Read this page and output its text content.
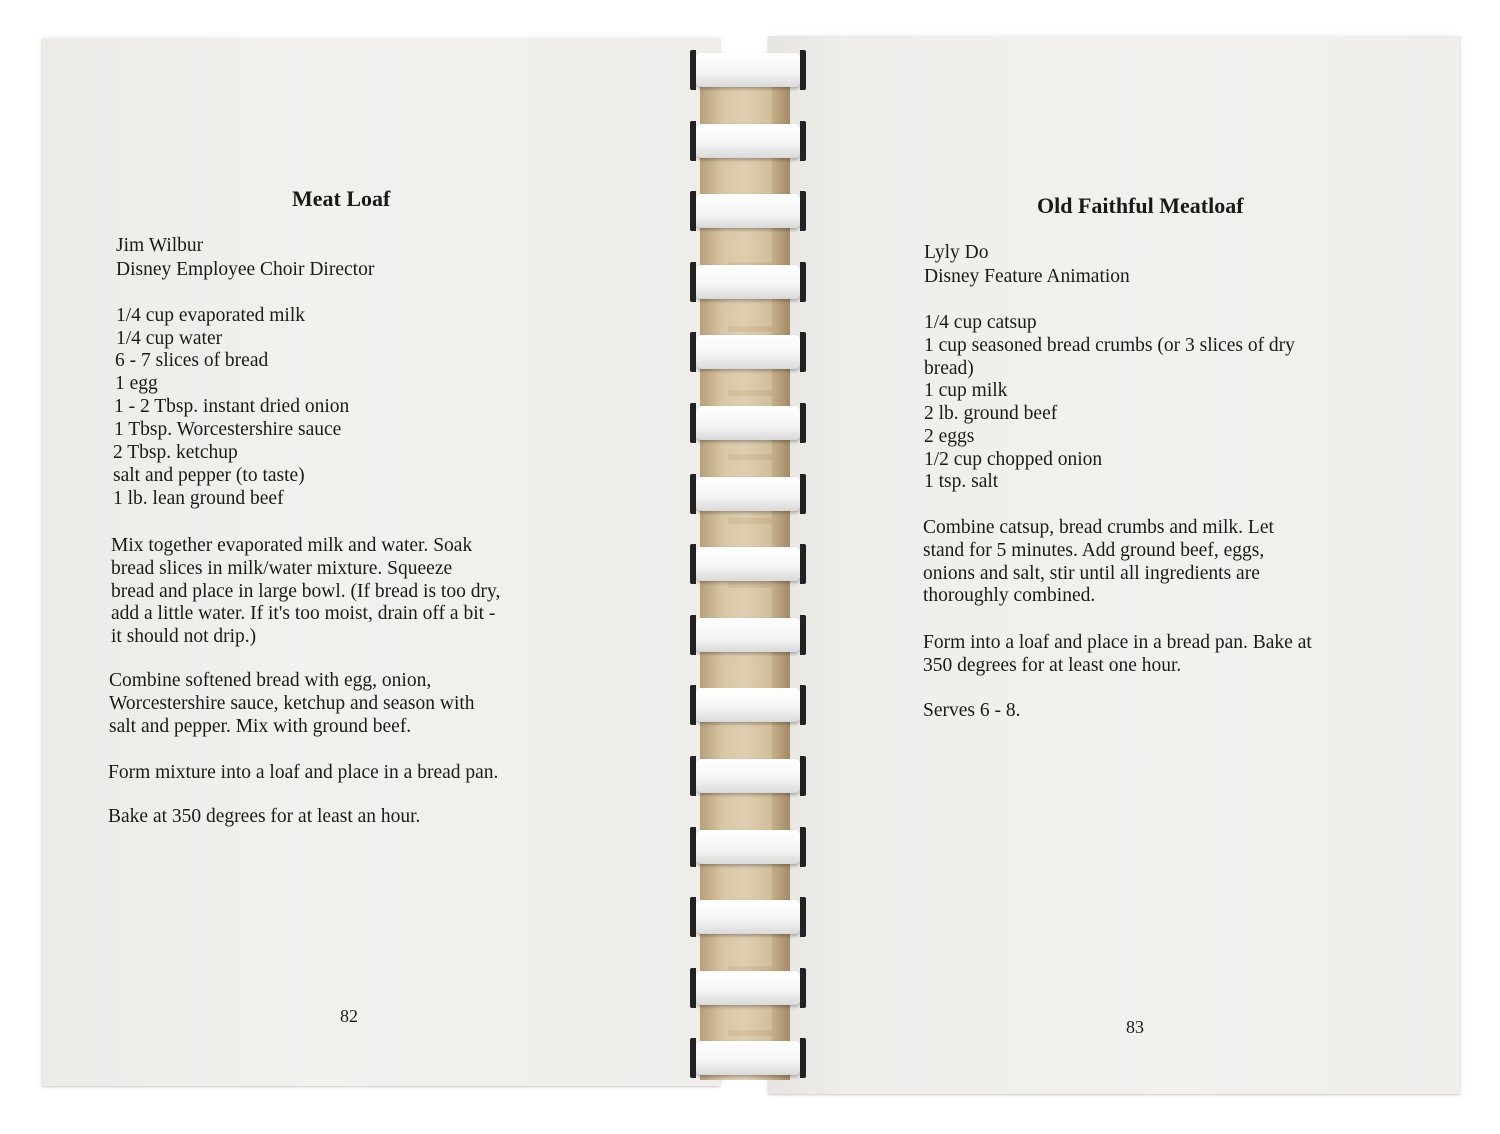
Meat Loaf
Jim Wilbur
Disney Employee Choir Director
1/4 cup evaporated milk
1/4 cup water
6 - 7 slices of bread
1 egg
1 - 2 Tbsp. instant dried onion
1 Tbsp. Worcestershire sauce
2 Tbsp. ketchup
salt and pepper (to taste)
1 lb. lean ground beef
Mix together evaporated milk and water. Soak
bread slices in milk/water mixture. Squeeze
bread and place in large bowl. (If bread is too dry,
add a little water. If it's too moist, drain off a bit -
it should not drip.)
Combine softened bread with egg, onion,
Worcestershire sauce, ketchup and season with
salt and pepper. Mix with ground beef.
Form mixture into a loaf and place in a bread pan.
Bake at 350 degrees for at least an hour.
82
Old Faithful Meatloaf
Lyly Do
Disney Feature Animation
1/4 cup catsup
1 cup seasoned bread crumbs (or 3 slices of dry
bread)
1 cup milk
2 lb. ground beef
2 eggs
1/2 cup chopped onion
1 tsp. salt
Combine catsup, bread crumbs and milk. Let
stand for 5 minutes. Add ground beef, eggs,
onions and salt, stir until all ingredients are
thoroughly combined.
Form into a loaf and place in a bread pan. Bake at
350 degrees for at least one hour.
Serves 6 - 8.
83
